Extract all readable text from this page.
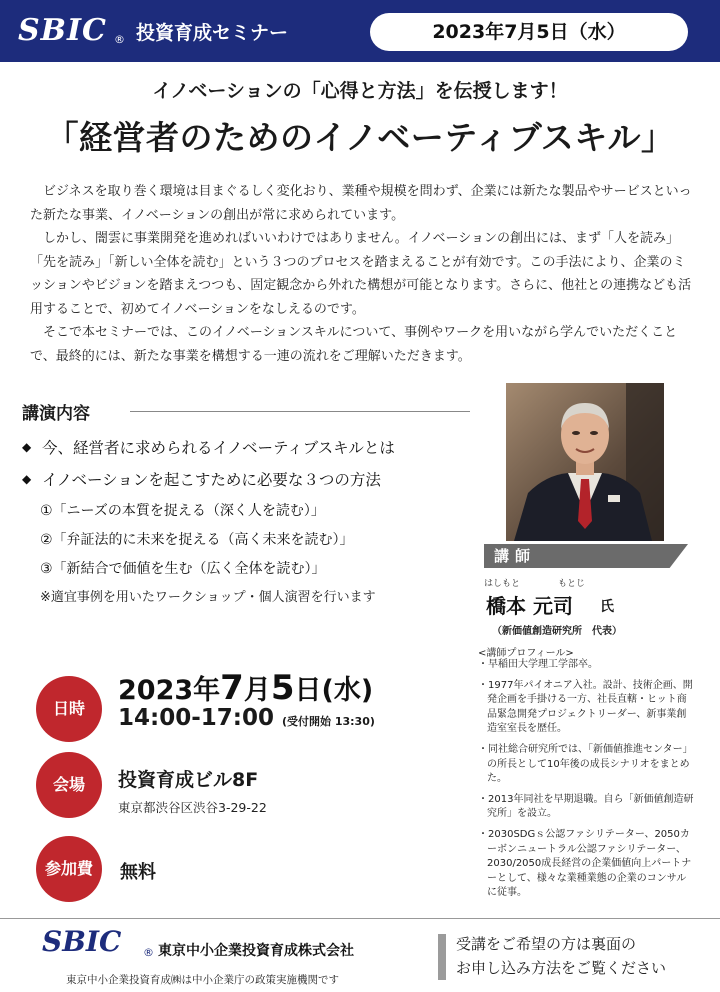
SBIC ® 投資育成セミナー	2023年7月5日（水）
イノベーションの「心得と方法」を伝授します！
「経営者のためのイノベーティブスキル」

ビジネスを取り巻く環境は目まぐるしく変化おり、業種や規模を問わず、企業には新たな製品やサービスといった新たな事業、イノベーションの創出が常に求められています。

しかし、闇雲に事業開発を進めればいいわけではありません。イノベーションの創出には、まず「人を読み」「先を読み」「新しい全体を読む」という３つのプロセスを踏まえることが有効です。この手法により、企業のミッションやビジョンを踏まえつつも、固定観念から外れた構想が可能となります。さらに、他社との連携なども活用することで、初めてイノベーションをなしえるのです。

そこで本セミナーでは、このイノベーションスキルについて、事例やワークを用いながら学んでいただくことで、最終的には、新たな事業を構想する一連の流れをご理解いただきます。

講演内容
◆ 今、経営者に求められるイノベーティブスキルとは
◆ イノベーションを起こすために必要な３つの方法
①「ニーズの本質を捉える（深く人を読む）」
②「弁証法的に未来を捉える（高く未来を読む）」
③「新結合で価値を生む（広く全体を読む）」
※適宜事例を用いたワークショップ・個人演習を行います
講師
はしもと	もとじ
橋本 元司 氏
（新価値創造研究所　代表）
<講師プロフィール>
・早稲田大学理工学部卒。
・1977年パイオニア入社。設計、技術企画、開発企画を手掛ける一方、社長直轄・ヒット商品緊急開発プロジェクトリーダー、新事業創造室室長を歴任。
・同社総合研究所では、「新価値推進センター」の所長として10年後の成長シナリオをまとめた。
・2013年同社を早期退職。自ら「新価値創造研究所」を設立。
・2030SDGｓ公認ファシリテーター、2050カーボンニュートラル公認ファシリテーター、2030/2050成長経営の企業価値向上パートナーとして、様々な業種業態の企業のコンサルに従事。
日時
2023年7月5日(水)
14:00-17:00 (受付開始 13:30)
会場	投資育成ビル8F
東京都渋谷区渋谷3-29-22
参加費	無料
SBIC ® 東京中小企業投資育成株式会社
東京中小企業投資育成㈱は中小企業庁の政策実施機関です
受講をご希望の方は裏面の
お申し込み方法をご覧ください
